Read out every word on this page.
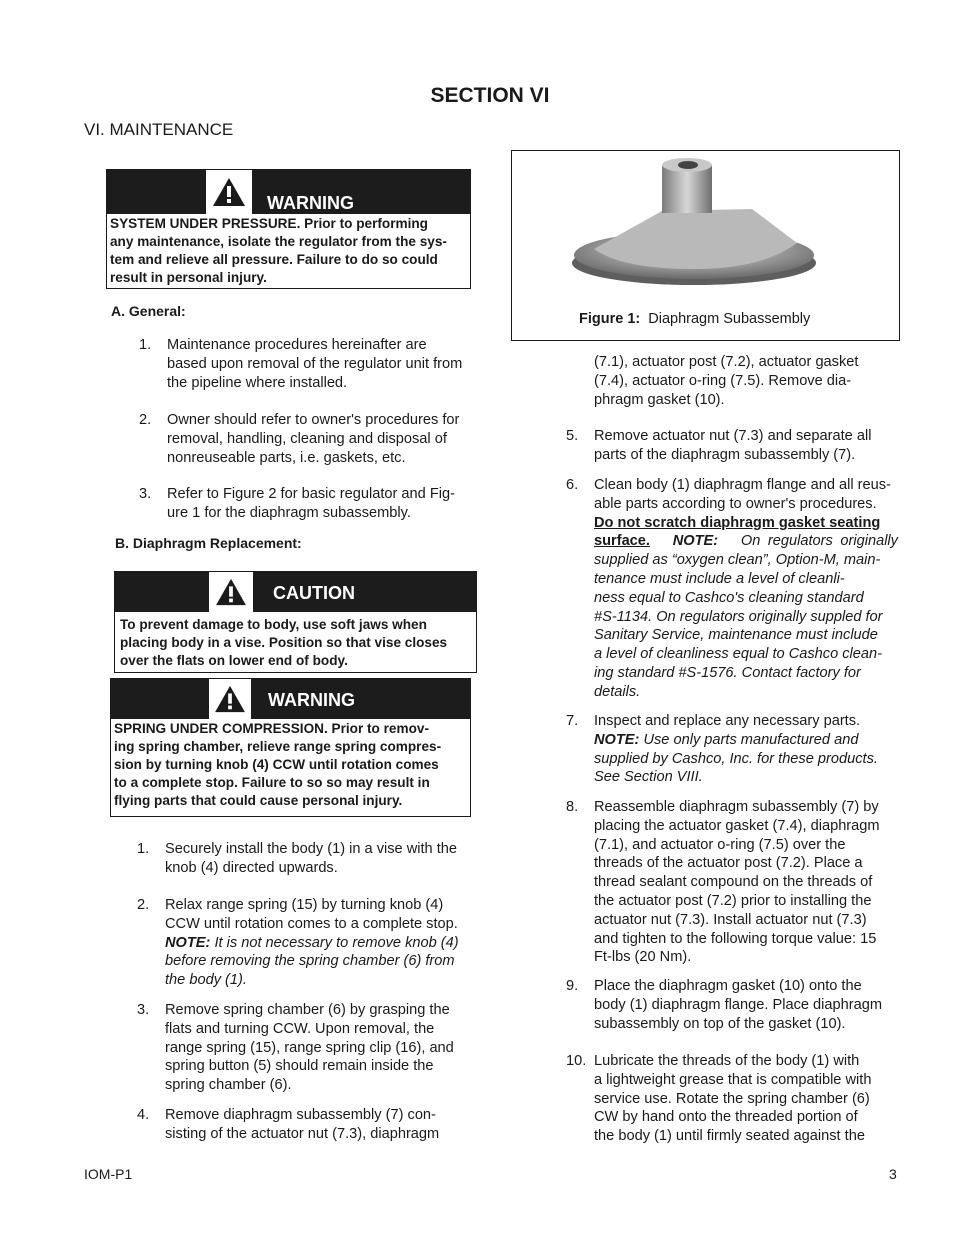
SECTION VI
VI. MAINTENANCE
WARNING
SYSTEM UNDER PRESSURE. Prior to performing
any maintenance, isolate the regulator from the sys-
tem and relieve all pressure. Failure to do so could
result in personal injury.
A. General:
1. Maintenance procedures hereinafter are
based upon removal of the regulator unit from
the pipeline where installed.
2. Owner should refer to owner's procedures for
removal, handling, cleaning and disposal of
nonreuseable parts, i.e. gaskets, etc.
3. Refer to Figure 2 for basic regulator and Fig-
ure 1 for the diaphragm subassembly.
B. Diaphragm Replacement:
CAUTION
To prevent damage to body, use soft jaws when
placing body in a vise. Position so that vise closes
over the flats on lower end of body.
WARNING
SPRING UNDER COMPRESSION. Prior to remov-
ing spring chamber, relieve range spring compres-
sion by turning knob (4) CCW until rotation comes
to a complete stop. Failure to so so may result in
flying parts that could cause personal injury.
1. Securely install the body (1) in a vise with the
knob (4) directed upwards.
2. Relax range spring (15) by turning knob (4)
CCW until rotation comes to a complete stop.
NOTE: It is not necessary to remove knob (4)
before removing the spring chamber (6) from
the body (1).
3. Remove spring chamber (6) by grasping the
flats and turning CCW. Upon removal, the
range spring (15), range spring clip (16), and
spring button (5) should remain inside the
spring chamber (6).
4. Remove diaphragm subassembly (7) con-
sisting of the actuator nut (7.3), diaphragm
Figure 1: Diaphragm Subassembly
(7.1), actuator post (7.2), actuator gasket
(7.4), actuator o-ring (7.5). Remove dia-
phragm gasket (10).
5. Remove actuator nut (7.3) and separate all
parts of the diaphragm subassembly (7).
6. Clean body (1) diaphragm flange and all reus-
able parts according to owner's procedures.
Do not scratch diaphragm gasket seating
surface. NOTE: On regulators originally
supplied as “oxygen clean”, Option-M, main-
tenance must include a level of cleanli-
ness equal to Cashco's cleaning standard
#S-1134. On regulators originally suppled for
Sanitary Service, maintenance must include
a level of cleanliness equal to Cashco clean-
ing standard #S-1576. Contact factory for
details.
7. Inspect and replace any necessary parts.
NOTE: Use only parts manufactured and
supplied by Cashco, Inc. for these products.
See Section VIII.
8. Reassemble diaphragm subassembly (7) by
placing the actuator gasket (7.4), diaphragm
(7.1), and actuator o-ring (7.5) over the
threads of the actuator post (7.2). Place a
thread sealant compound on the threads of
the actuator post (7.2) prior to installing the
actuator nut (7.3). Install actuator nut (7.3)
and tighten to the following torque value: 15
Ft-lbs (20 Nm).
9. Place the diaphragm gasket (10) onto the
body (1) diaphragm flange. Place diaphragm
subassembly on top of the gasket (10).
10. Lubricate the threads of the body (1) with
a lightweight grease that is compatible with
service use. Rotate the spring chamber (6)
CW by hand onto the threaded portion of
the body (1) until firmly seated against the
IOM-P1	3
